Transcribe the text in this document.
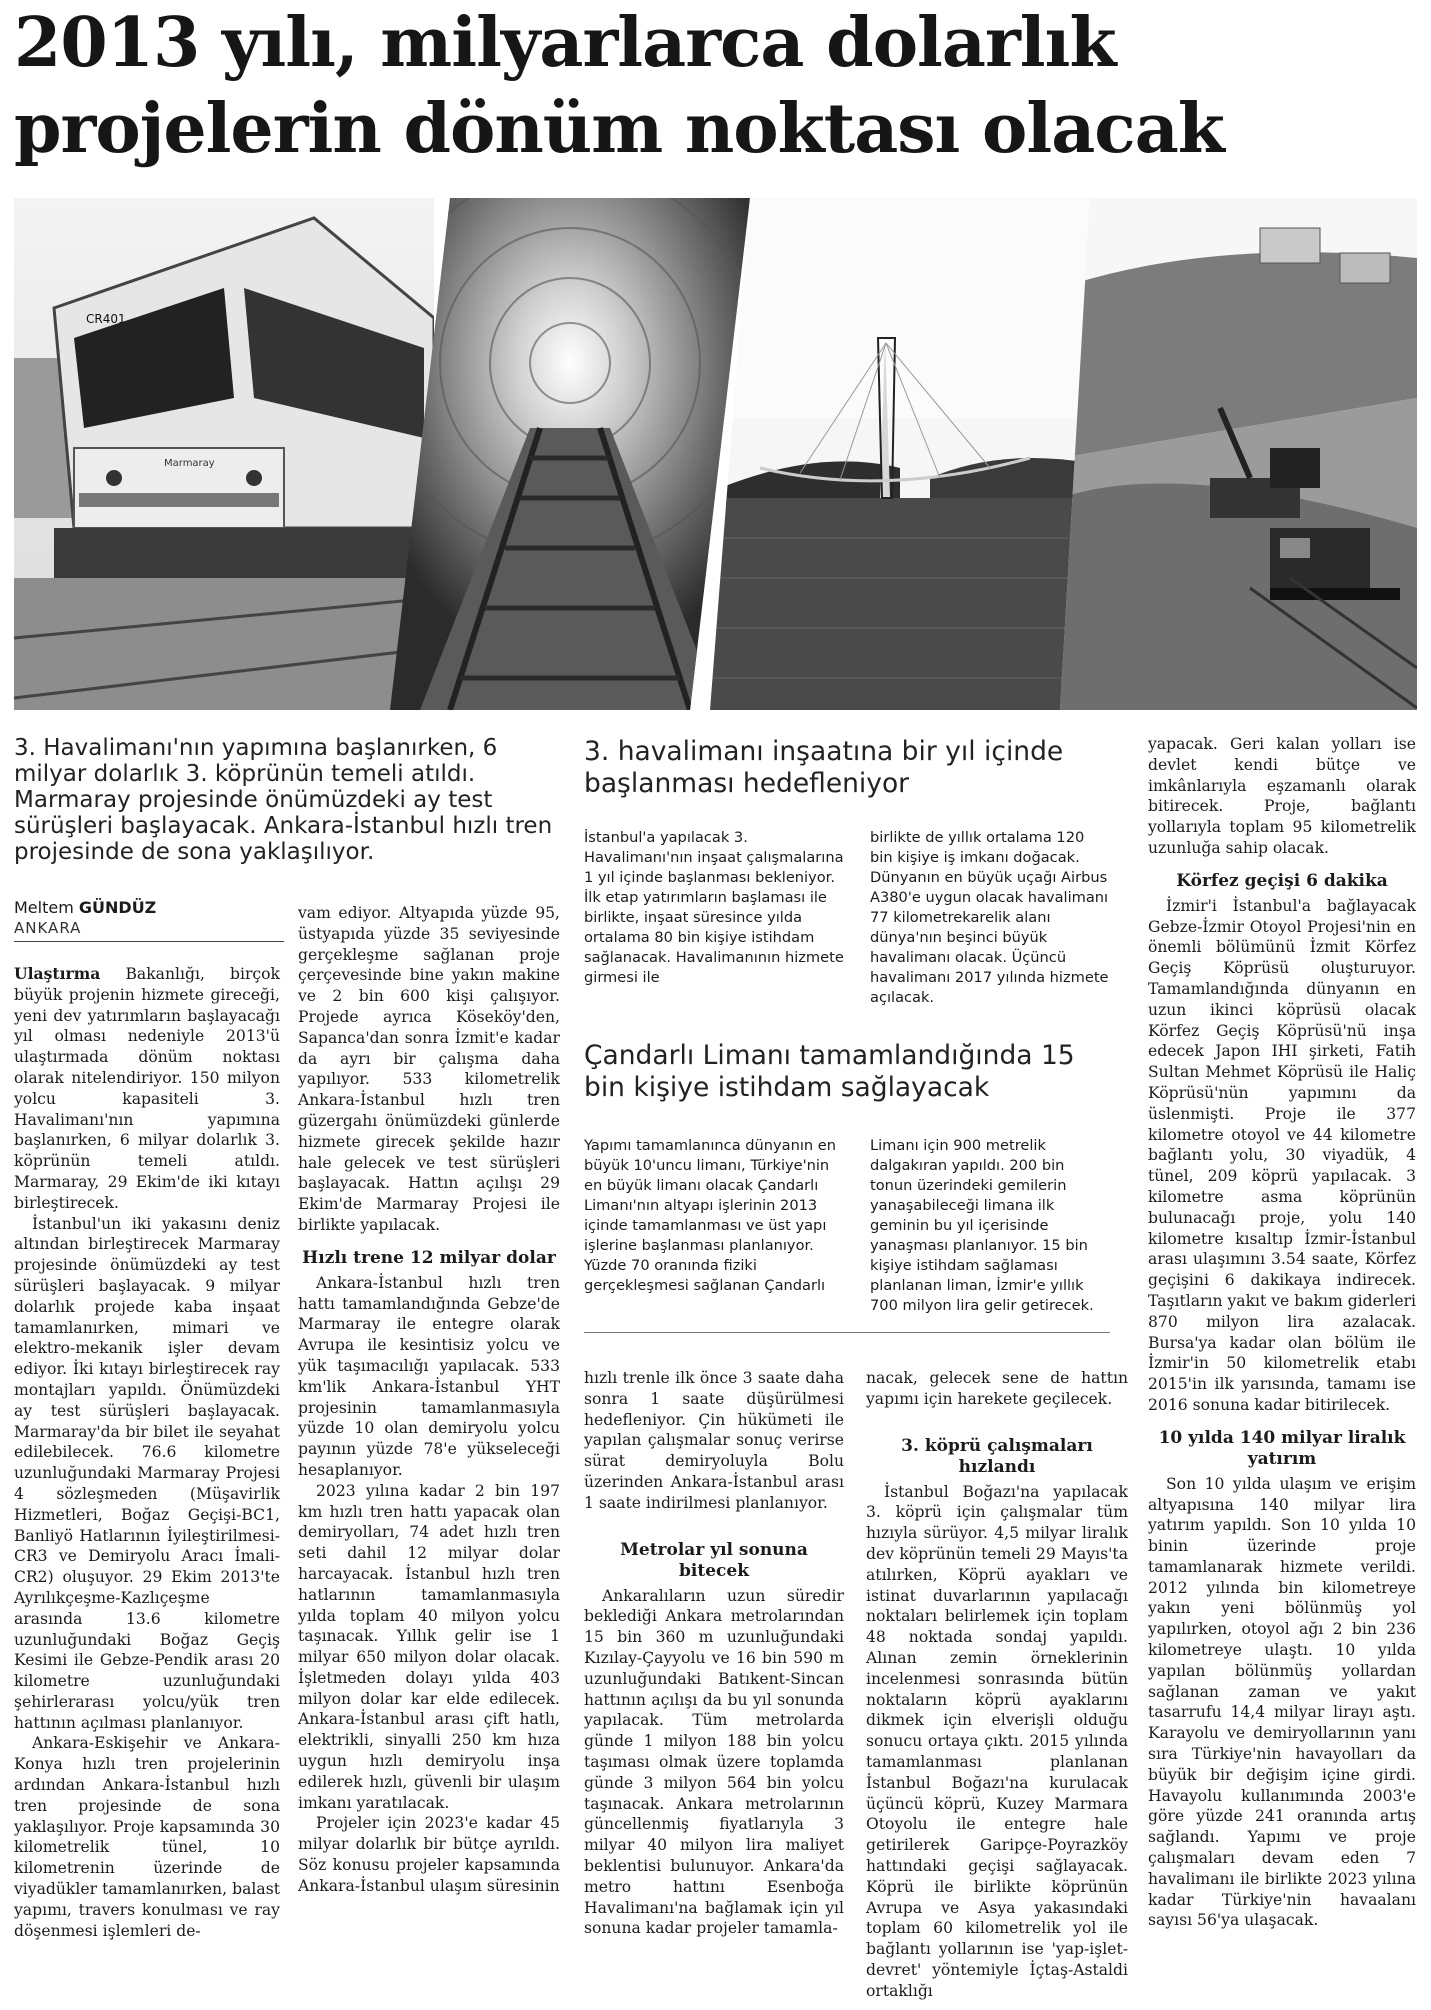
2013 yılı, milyarlarca dolarlık projelerin dönüm noktası olacak
CR401
Marmaray
3. Havalimanı'nın yapımına başlanırken, 6 milyar dolarlık 3. köprünün temeli atıldı. Marmaray projesinde önümüzdeki ay test sürüşleri başlayacak. Ankara-İstanbul hızlı tren projesinde de sona yaklaşılıyor.
Meltem GÜNDÜZ
ANKARA

Ulaştırma Bakanlığı, birçok büyük projenin hizmete gireceği, yeni dev yatırımların başlayacağı yıl olması nedeniyle 2013'ü ulaştırmada dönüm noktası olarak nitelendiriyor. 150 milyon yolcu kapasiteli 3. Havalimanı'nın yapımına başlanırken, 6 milyar dolarlık 3. köprünün temeli atıldı. Marmaray, 29 Ekim'de iki kıtayı birleştirecek.

İstanbul'un iki yakasını deniz altından birleştirecek Marmaray projesinde önümüzdeki ay test sürüşleri başlayacak. 9 milyar dolarlık projede kaba inşaat tamamlanırken, mimari ve elektro-mekanik işler devam ediyor. İki kıtayı birleştirecek ray montajları yapıldı. Önümüzdeki ay test sürüşleri başlayacak. Marmaray'da bir bilet ile seyahat edilebilecek. 76.6 kilometre uzunluğundaki Marmaray Projesi 4 sözleşmeden (Müşavirlik Hizmetleri, Boğaz Geçişi-BC1, Banliyö Hatlarının İyileştirilmesi-CR3 ve Demiryolu Aracı İmali-CR2) oluşuyor. 29 Ekim 2013'te Ayrılıkçeşme-Kazlıçeşme arasında 13.6 kilometre uzunluğundaki Boğaz Geçiş Kesimi ile Gebze-Pendik arası 20 kilometre uzunluğundaki şehirlerarası yolcu/yük tren hattının açılması planlanıyor.

Ankara-Eskişehir ve Ankara-Konya hızlı tren projelerinin ardından Ankara-İstanbul hızlı tren projesinde de sona yaklaşılıyor. Proje kapsamında 30 kilometrelik tünel, 10 kilometrenin üzerinde de viyadükler tamamlanırken, balast yapımı, travers konulması ve ray döşenmesi işlemleri de-

vam ediyor. Altyapıda yüzde 95, üstyapıda yüzde 35 seviyesinde gerçekleşme sağlanan proje çerçevesinde bine yakın makine ve 2 bin 600 kişi çalışıyor. Projede ayrıca Köseköy'den, Sapanca'dan sonra İzmit'e kadar da ayrı bir çalışma daha yapılıyor. 533 kilometrelik Ankara-İstanbul hızlı tren güzergahı önümüzdeki günlerde hizmete girecek şekilde hazır hale gelecek ve test sürüşleri başlayacak. Hattın açılışı 29 Ekim'de Marmaray Projesi ile birlikte yapılacak.

Hızlı trene 12 milyar dolar

Ankara-İstanbul hızlı tren hattı tamamlandığında Gebze'de Marmaray ile entegre olarak Avrupa ile kesintisiz yolcu ve yük taşımacılığı yapılacak. 533 km'lik Ankara-İstanbul YHT projesinin tamamlanmasıyla yüzde 10 olan demiryolu yolcu payının yüzde 78'e yükseleceği hesaplanıyor.

2023 yılına kadar 2 bin 197 km hızlı tren hattı yapacak olan demiryolları, 74 adet hızlı tren seti dahil 12 milyar dolar harcayacak. İstanbul hızlı tren hatlarının tamamlanmasıyla yılda toplam 40 milyon yolcu taşınacak. Yıllık gelir ise 1 milyar 650 milyon dolar olacak. İşletmeden dolayı yılda 403 milyon dolar kar elde edilecek. Ankara-İstanbul arası çift hatlı, elektrikli, sinyalli 250 km hıza uygun hızlı demiryolu inşa edilerek hızlı, güvenli bir ulaşım imkanı yaratılacak.

Projeler için 2023'e kadar 45 milyar dolarlık bir bütçe ayrıldı. Söz konusu projeler kapsamında Ankara-İstanbul ulaşım süresinin

3. havalimanı inşaatına bir yıl içinde başlanması hedefleniyor

İstanbul'a yapılacak 3. Havalimanı'nın inşaat çalışmalarına 1 yıl içinde başlanması bekleniyor. İlk etap yatırımların başlaması ile birlikte, inşaat süresince yılda ortalama 80 bin kişiye istihdam sağlanacak. Havalimanının hizmete girmesi ile

birlikte de yıllık ortalama 120 bin kişiye iş imkanı doğacak. Dünyanın en büyük uçağı Airbus A380'e uygun olacak havalimanı 77 kilometrekarelik alanı dünya'nın beşinci büyük havalimanı olacak. Üçüncü havalimanı 2017 yılında hizmete açılacak.

Çandarlı Limanı tamamlandığında 15 bin kişiye istihdam sağlayacak

Yapımı tamamlanınca dünyanın en büyük 10'uncu limanı, Türkiye'nin en büyük limanı olacak Çandarlı Limanı'nın altyapı işlerinin 2013 içinde tamamlanması ve üst yapı işlerine başlanması planlanıyor. Yüzde 70 oranında fiziki gerçekleşmesi sağlanan Çandarlı

Limanı için 900 metrelik dalgakıran yapıldı. 200 bin tonun üzerindeki gemilerin yanaşabileceği limana ilk geminin bu yıl içerisinde yanaşması planlanıyor. 15 bin kişiye istihdam sağlaması planlanan liman, İzmir'e yıllık 700 milyon lira gelir getirecek.

hızlı trenle ilk önce 3 saate daha sonra 1 saate düşürülmesi hedefleniyor. Çin hükümeti ile yapılan çalışmalar sonuç verirse sürat demiryoluyla Bolu üzerinden Ankara-İstanbul arası 1 saate indirilmesi planlanıyor.

Metrolar yıl sonuna bitecek

Ankaralıların uzun süredir beklediği Ankara metrolarından 15 bin 360 m uzunluğundaki Kızılay-Çayyolu ve 16 bin 590 m uzunluğundaki Batıkent-Sincan hattının açılışı da bu yıl sonunda yapılacak. Tüm metrolarda günde 1 milyon 188 bin yolcu taşıması olmak üzere toplamda günde 3 milyon 564 bin yolcu taşınacak. Ankara metrolarının güncellenmiş fiyatlarıyla 3 milyar 40 milyon lira maliyet beklentisi bulunuyor. Ankara'da metro hattını Esenboğa Havalimanı'na bağlamak için yıl sonuna kadar projeler tamamla-

nacak, gelecek sene de hattın yapımı için harekete geçilecek.

3. köprü çalışmaları hızlandı

İstanbul Boğazı'na yapılacak 3. köprü için çalışmalar tüm hızıyla sürüyor. 4,5 milyar liralık dev köprünün temeli 29 Mayıs'ta atılırken, Köprü ayakları ve istinat duvarlarının yapılacağı noktaları belirlemek için toplam 48 noktada sondaj yapıldı. Alınan zemin örneklerinin incelenmesi sonrasında bütün noktaların köprü ayaklarını dikmek için elverişli olduğu sonucu ortaya çıktı. 2015 yılında tamamlanması planlanan İstanbul Boğazı'na kurulacak üçüncü köprü, Kuzey Marmara Otoyolu ile entegre hale getirilerek Garipçe-Poyrazköy hattındaki geçişi sağlayacak. Köprü ile birlikte köprünün Avrupa ve Asya yakasındaki toplam 60 kilometrelik yol ile bağlantı yollarının ise 'yap-işlet-devret' yöntemiyle İçtaş-Astaldi ortaklığı

yapacak. Geri kalan yolları ise devlet kendi bütçe ve imkânlarıyla eşzamanlı olarak bitirecek. Proje, bağlantı yollarıyla toplam 95 kilometrelik uzunluğa sahip olacak.

Körfez geçişi 6 dakika

İzmir'i İstanbul'a bağlayacak Gebze-İzmir Otoyol Projesi'nin en önemli bölümünü İzmit Körfez Geçiş Köprüsü oluşturuyor. Tamamlandığında dünyanın en uzun ikinci köprüsü olacak Körfez Geçiş Köprüsü'nü inşa edecek Japon IHI şirketi, Fatih Sultan Mehmet Köprüsü ile Haliç Köprüsü'nün yapımını da üslenmişti. Proje ile 377 kilometre otoyol ve 44 kilometre bağlantı yolu, 30 viyadük, 4 tünel, 209 köprü yapılacak. 3 kilometre asma köprünün bulunacağı proje, yolu 140 kilometre kısaltıp İzmir-İstanbul arası ulaşımını 3.54 saate, Körfez geçişini 6 dakikaya indirecek. Taşıtların yakıt ve bakım giderleri 870 milyon lira azalacak. Bursa'ya kadar olan bölüm ile İzmir'in 50 kilometrelik etabı 2015'in ilk yarısında, tamamı ise 2016 sonuna kadar bitirilecek.

10 yılda 140 milyar liralık yatırım

Son 10 yılda ulaşım ve erişim altyapısına 140 milyar lira yatırım yapıldı. Son 10 yılda 10 binin üzerinde proje tamamlanarak hizmete verildi. 2012 yılında bin kilometreye yakın yeni bölünmüş yol yapılırken, otoyol ağı 2 bin 236 kilometreye ulaştı. 10 yılda yapılan bölünmüş yollardan sağlanan zaman ve yakıt tasarrufu 14,4 milyar lirayı aştı. Karayolu ve demiryollarının yanı sıra Türkiye'nin havayolları da büyük bir değişim içine girdi. Havayolu kullanımında 2003'e göre yüzde 241 oranında artış sağlandı. Yapımı ve proje çalışmaları devam eden 7 havalimanı ile birlikte 2023 yılına kadar Türkiye'nin havaalanı sayısı 56'ya ulaşacak.
